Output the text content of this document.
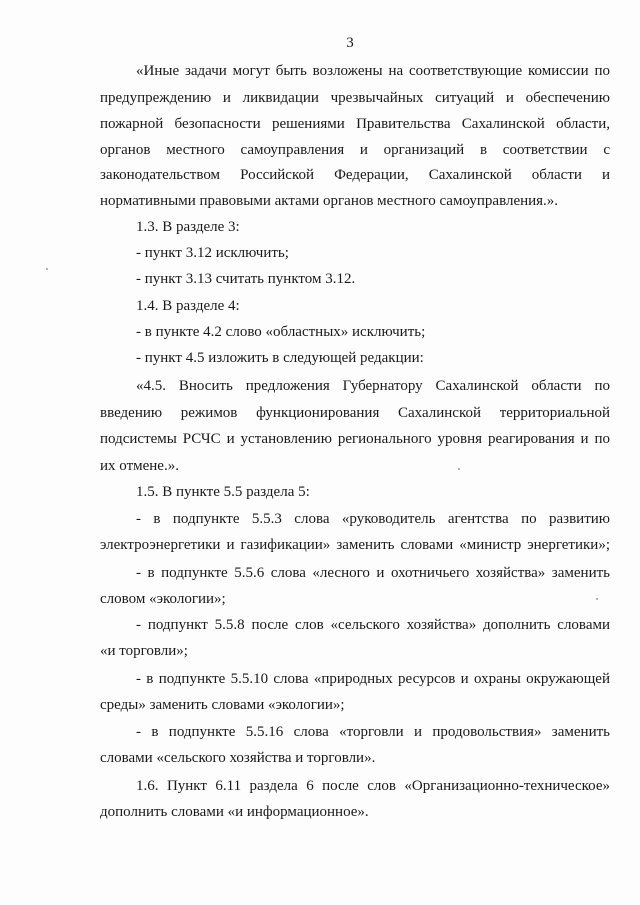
3
«Иные задачи могут быть возложены на соответствующие комиссии по
предупреждению и ликвидации чрезвычайных ситуаций и обеспечению
пожарной безопасности решениями Правительства Сахалинской области,
органов местного самоуправления и организаций в соответствии с
законодательством Российской Федерации, Сахалинской области и
нормативными правовыми актами органов местного самоуправления.».
1.3. В разделе 3:
- пункт 3.12 исключить;
- пункт 3.13 считать пунктом 3.12.
1.4. В разделе 4:
- в пункте 4.2 слово «областных» исключить;
- пункт 4.5 изложить в следующей редакции:
«4.5. Вносить предложения Губернатору Сахалинской области по
введению режимов функционирования Сахалинской территориальной
подсистемы РСЧС и установлению регионального уровня реагирования и по
их отмене.».
1.5. В пункте 5.5 раздела 5:
- в подпункте 5.5.3 слова «руководитель агентства по развитию
электроэнергетики и газификации» заменить словами «министр энергетики»;
- в подпункте 5.5.6 слова «лесного и охотничьего хозяйства» заменить
словом «экологии»;
- подпункт 5.5.8 после слов «сельского хозяйства» дополнить словами
«и торговли»;
- в подпункте 5.5.10 слова «природных ресурсов и охраны окружающей
среды» заменить словами «экологии»;
- в подпункте 5.5.16 слова «торговли и продовольствия» заменить
словами «сельского хозяйства и торговли».
1.6. Пункт 6.11 раздела 6 после слов «Организационно-техническое»
дополнить словами «и информационное».
